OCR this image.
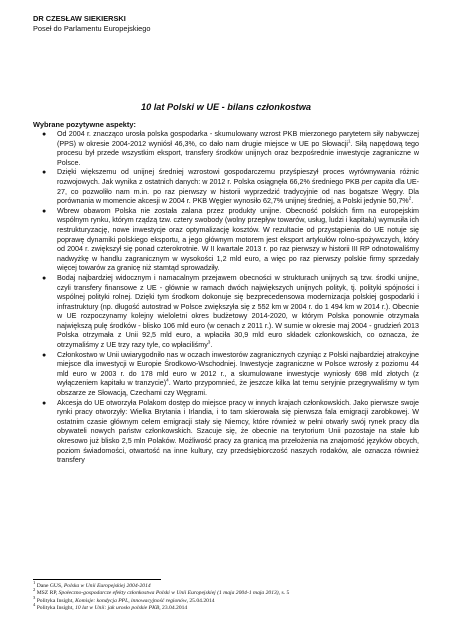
DR CZESŁAW SIEKIERSKI
Poseł do Parlamentu Europejskiego
10 lat Polski w UE - bilans członkostwa
Wybrane pozytywne aspekty:
● Od 2004 r. znacząco urosła polska gospodarka - skumulowany wzrost PKB mierzonego parytetem siły nabywczej (PPS) w okresie 2004-2012 wyniósł 46,3%, co dało nam drugie miejsce w UE po Słowacji$^1$. Siłą napędową tego procesu był przede wszystkim eksport, transfery środków unijnych oraz bezpośrednie inwestycje zagraniczne w Polsce.
● Dzięki większemu od unijnej średniej wzrostowi gospodarczemu przyśpieszył proces wyrównywania różnic rozwojowych. Jak wynika z ostatnich danych: w 2012 r. Polska osiągnęła 66,2% średniego PKB per capita dla UE-27, co pozwoliło nam m.in. po raz pierwszy w historii wyprzedzić tradycyjnie od nas bogatsze Węgry. Dla porównania w momencie akcesji w 2004 r. PKB Węgier wynosiło 62,7% unijnej średniej, a Polski jedynie 50,7%$^2$.
● Wbrew obawom Polska nie została zalana przez produkty unijne. Obecność polskich firm na europejskim wspólnym rynku, którym rządzą tzw. cztery swobody (wolny przepływ towarów, usług, ludzi i kapitału) wymusiła ich restrukturyzację, nowe inwestycje oraz optymalizację kosztów. W rezultacie od przystąpienia do UE notuje się poprawę dynamiki polskiego eksportu, a jego głównym motorem jest eksport artykułów rolno-spożywczych, który od 2004 r. zwiększył się ponad czterokrotnie. W II kwartale 2013 r. po raz pierwszy w historii III RP odnotowaliśmy nadwyżkę w handlu zagranicznym w wysokości 1,2 mld euro, a więc po raz pierwszy polskie firmy sprzedały więcej towarów za granicę niż stamtąd sprowadziły.
● Bodaj najbardziej widocznym i namacalnym przejawem obecności w strukturach unijnych są tzw. środki unijne, czyli transfery finansowe z UE - głównie w ramach dwóch największych unijnych polityk, tj. polityki spójności i wspólnej polityki rolnej. Dzięki tym środkom dokonuje się bezprecedensowa modernizacja polskiej gospodarki i infrastruktury (np. długość autostrad w Polsce zwiększyła się z 552 km w 2004 r. do 1 494 km w 2014 r.). Obecnie w UE rozpoczynamy kolejny wieloletni okres budżetowy 2014-2020, w którym Polska ponownie otrzymała największą pulę środków - blisko 106 mld euro (w cenach z 2011 r.). W sumie w okresie maj 2004 - grudzień 2013 Polska otrzymała z Unii 92,5 mld euro, a wpłaciła 30,9 mld euro składek członkowskich, co oznacza, że otrzymaliśmy z UE trzy razy tyle, co wpłaciliśmy$^3$.
● Członkostwo w Unii uwiarygodniło nas w oczach inwestorów zagranicznych czyniąc z Polski najbardziej atrakcyjne miejsce dla inwestycji w Europie Środkowo-Wschodniej. Inwestycje zagraniczne w Polsce wzrosły z poziomu 44 mld euro w 2003 r. do 178 mld euro w 2012 r., a skumulowane inwestycje wyniosły 698 mld złotych (z wyłączeniem kapitału w tranzycie)$^4$. Warto przypomnieć, że jeszcze kilka lat temu seryjnie przegrywaliśmy w tym obszarze ze Słowacją, Czechami czy Węgrami.
● Akcesja do UE otworzyła Polakom dostęp do miejsce pracy w innych krajach członkowskich. Jako pierwsze swoje rynki pracy otworzyły: Wielka Brytania i Irlandia, i to tam skierowała się pierwsza fala emigracji zarobkowej. W ostatnim czasie głównym celem emigracji stały się Niemcy, które również w pełni otwarły swój rynek pracy dla obywateli nowych państw członkowskich. Szacuje się, że obecnie na terytorium Unii pozostaje na stałe lub okresowo już blisko 2,5 mln Polaków. Możliwość pracy za granicą ma przełożenia na znajomość języków obcych, pozіom świadomości, otwartość na inne kultury, czy przedsiębiorczość naszych rodaków, ale oznacza również transfery
$^1$ Dane GUS, Polska w Unii Europejskiej 2004-2014
$^2$ MSZ RP, Społeczno-gospodarcze efekty członkostwa Polski w Unii Europejskiej (1 maja 2004-1 maja 2013), s. 5
$^3$ Polityka Insight, Komisje: kondycja PPL, innowacyjność regionów, 25.04.2014
$^4$ Polityka Insight, 10 lat w Unii: jak urosło polskie PKB, 23.04.2014
